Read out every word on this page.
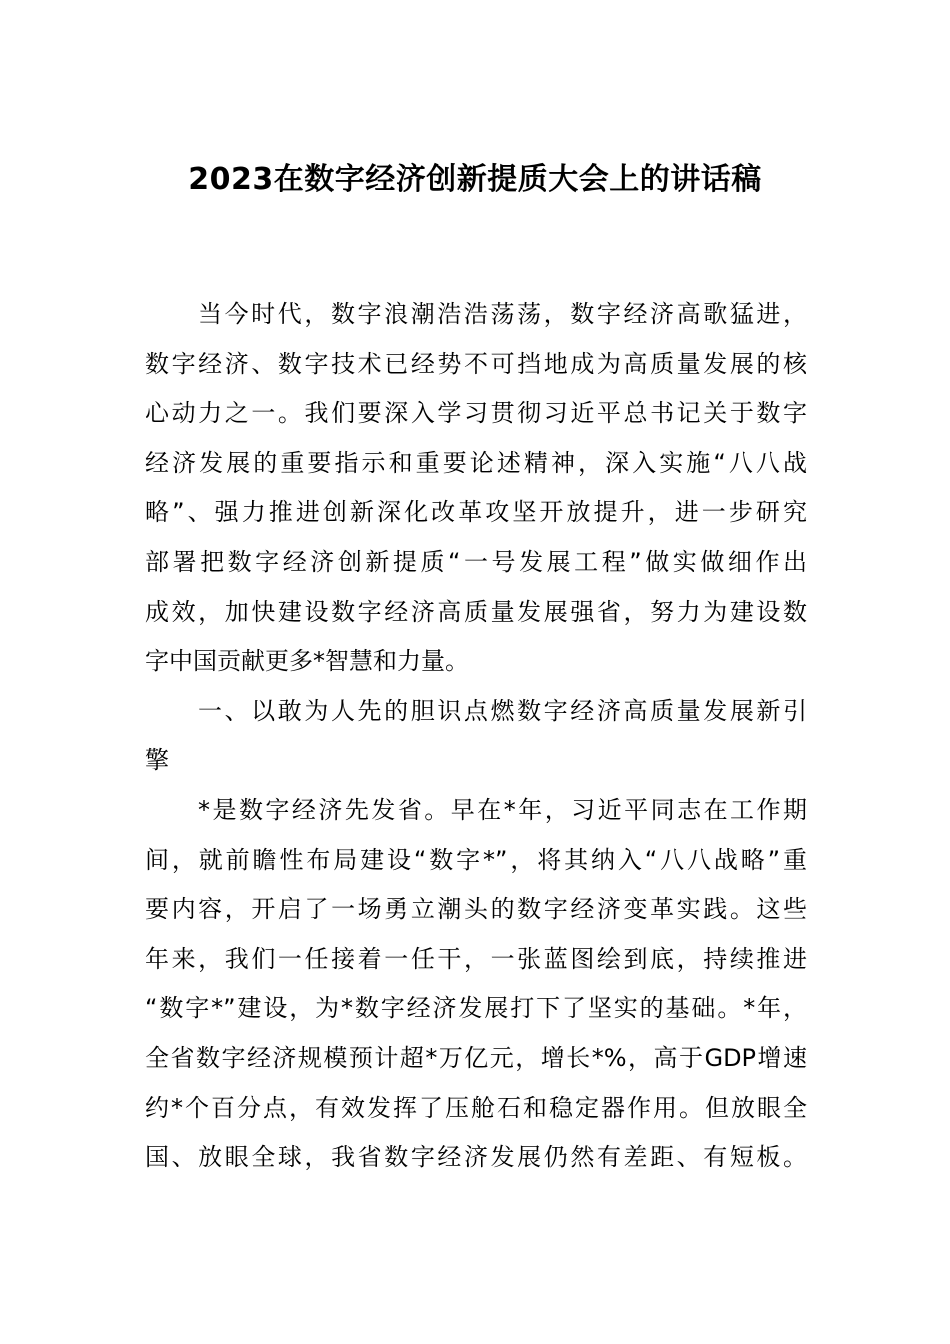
2023在数字经济创新提质大会上的讲话稿
当今时代，数字浪潮浩浩荡荡，数字经济高歌猛进，
数字经济、数字技术已经势不可挡地成为高质量发展的核
心动力之一。我们要深入学习贯彻习近平总书记关于数字
经济发展的重要指示和重要论述精神，深入实施“八八战
略”、强力推进创新深化改革攻坚开放提升，进一步研究
部署把数字经济创新提质“一号发展工程”做实做细作出
成效，加快建设数字经济高质量发展强省，努力为建设数
字中国贡献更多*智慧和力量。
一、以敢为人先的胆识点燃数字经济高质量发展新引
擎
*是数字经济先发省。早在*年，习近平同志在工作期
间，就前瞻性布局建设“数字*”，将其纳入“八八战略”重
要内容，开启了一场勇立潮头的数字经济变革实践。这些
年来，我们一任接着一任干，一张蓝图绘到底，持续推进
“数字*”建设，为*数字经济发展打下了坚实的基础。*年，
全省数字经济规模预计超*万亿元，增长*%，高于GDP增速
约*个百分点，有效发挥了压舱石和稳定器作用。但放眼全
国、放眼全球，我省数字经济发展仍然有差距、有短板。
